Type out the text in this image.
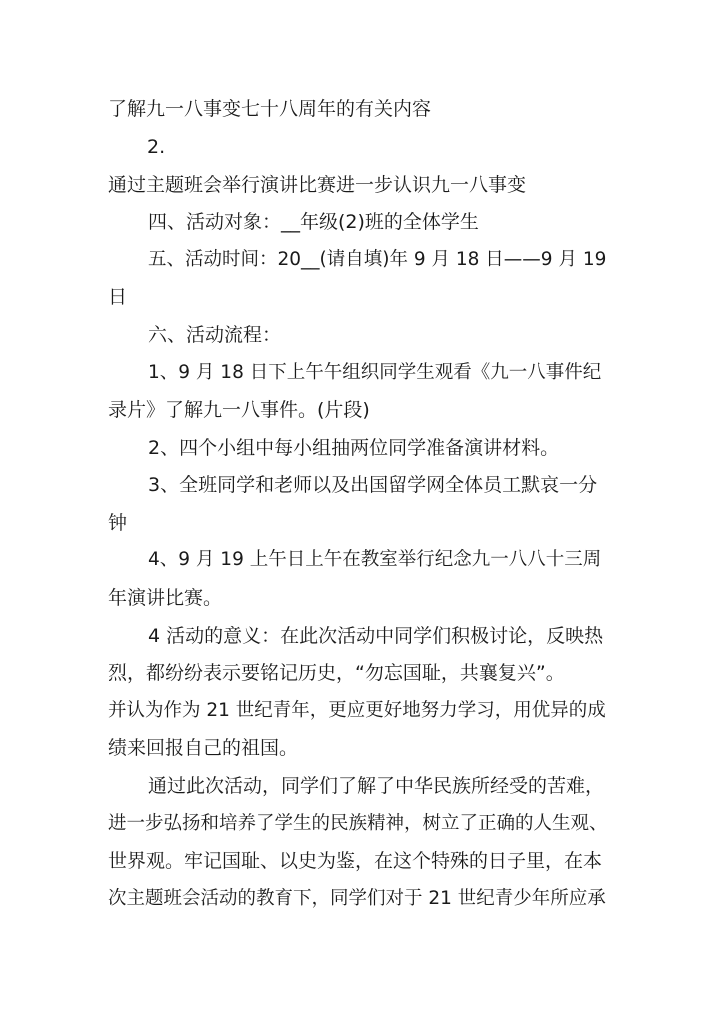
了解九一八事变七十八周年的有关内容
2.
通过主题班会举行演讲比赛进一步认识九一八事变
四、活动对象：__年级(2)班的全体学生
五、活动时间：20__(请自填)年 9 月 18 日——9 月 19
日
六、活动流程：
1、9 月 18 日下上午午组织同学生观看《九一八事件纪
录片》了解九一八事件。(片段)
2、四个小组中每小组抽两位同学准备演讲材料。
3、全班同学和老师以及出国留学网全体员工默哀一分
钟
4、9 月 19 上午日上午在教室举行纪念九一八八十三周
年演讲比赛。
4 活动的意义：在此次活动中同学们积极讨论，反映热
烈，都纷纷表示要铭记历史，“勿忘国耻，共襄复兴”。
并认为作为 21 世纪青年，更应更好地努力学习，用优异的成
绩来回报自己的祖国。
通过此次活动，同学们了解了中华民族所经受的苦难，
进一步弘扬和培养了学生的民族精神，树立了正确的人生观、
世界观。牢记国耻、以史为鉴，在这个特殊的日子里，在本
次主题班会活动的教育下，同学们对于 21 世纪青少年所应承
